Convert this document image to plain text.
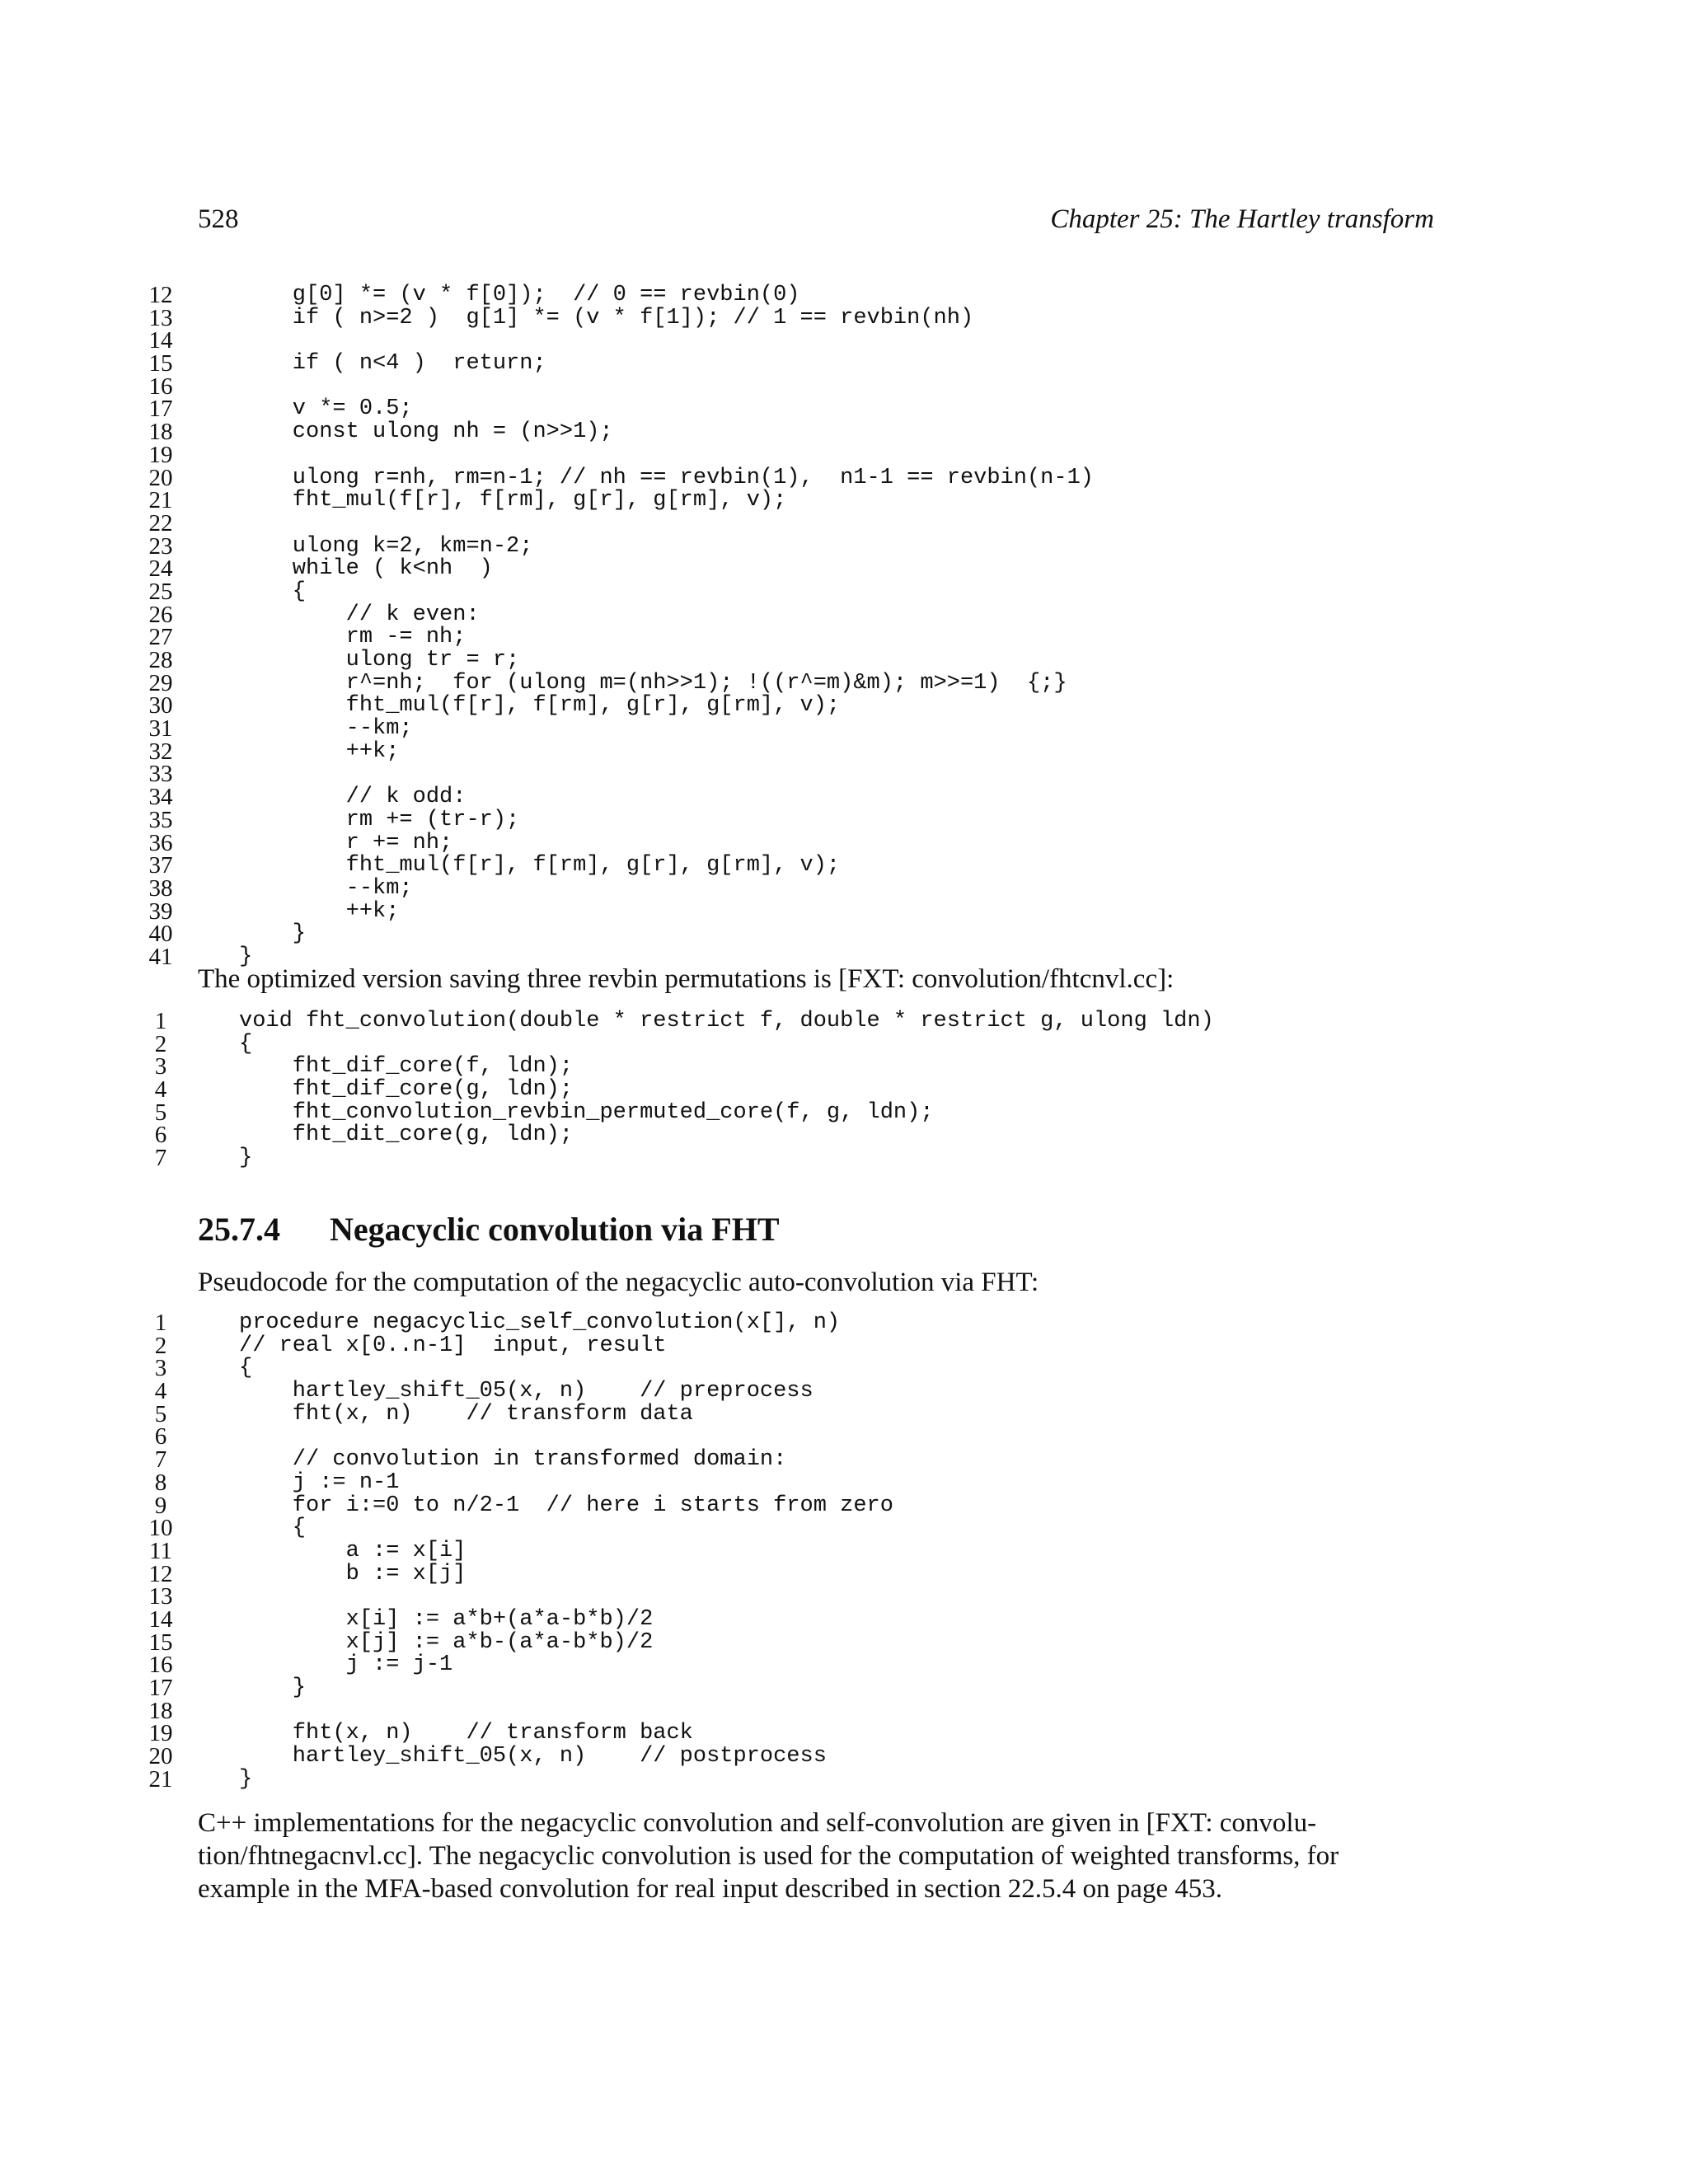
528	Chapter 25: The Hartley transform
12	g[0] *= (v * f[0]);  // 0 == revbin(0)
13	if ( n>=2 )  g[1] *= (v * f[1]); // 1 == revbin(nh)
14
15	if ( n<4 )  return;
16
17	v *= 0.5;
18	const ulong nh = (n>>1);
19
20	ulong r=nh, rm=n-1; // nh == revbin(1),  n1-1 == revbin(n-1)
21	fht_mul(f[r], f[rm], g[r], g[rm], v);
22
23	ulong k=2, km=n-2;
24	while ( k<nh  )
25	{
26	// k even:
27	rm -= nh;
28	ulong tr = r;
29	r^=nh;  for (ulong m=(nh>>1); !((r^=m)&m); m>>=1)  {;}
30	fht_mul(f[r], f[rm], g[r], g[rm], v);
31	--km;
32	++k;
33
34	// k odd:
35	rm += (tr-r);
36	r += nh;
37	fht_mul(f[r], f[rm], g[r], g[rm], v);
38	--km;
39	++k;
40	}
41	}
The optimized version saving three revbin permutations is [FXT: convolution/fhtcnvl.cc]:
1	void fht_convolution(double * restrict f, double * restrict g, ulong ldn)
2	{
3	fht_dif_core(f, ldn);
4	fht_dif_core(g, ldn);
5	fht_convolution_revbin_permuted_core(f, g, ldn);
6	fht_dit_core(g, ldn);
7	}
25.7.4 Negacyclic convolution via FHT
Pseudocode for the computation of the negacyclic auto-convolution via FHT:
1	procedure negacyclic_self_convolution(x[], n)
2	// real x[0..n-1]  input, result
3	{
4	hartley_shift_05(x, n)    // preprocess
5	fht(x, n)    // transform data
6
7	// convolution in transformed domain:
8	j := n-1
9	for i:=0 to n/2-1  // here i starts from zero
10	{
11	a := x[i]
12	b := x[j]
13
14	x[i] := a*b+(a*a-b*b)/2
15	x[j] := a*b-(a*a-b*b)/2
16	j := j-1
17	}
18
19	fht(x, n)    // transform back
20	hartley_shift_05(x, n)    // postprocess
21	}
C++ implementations for the negacyclic convolution and self-convolution are given in [FXT: convolu-tion/fhtnegacnvl.cc]. The negacyclic convolution is used for the computation of weighted transforms, for example in the MFA-based convolution for real input described in section 22.5.4 on page 453.
